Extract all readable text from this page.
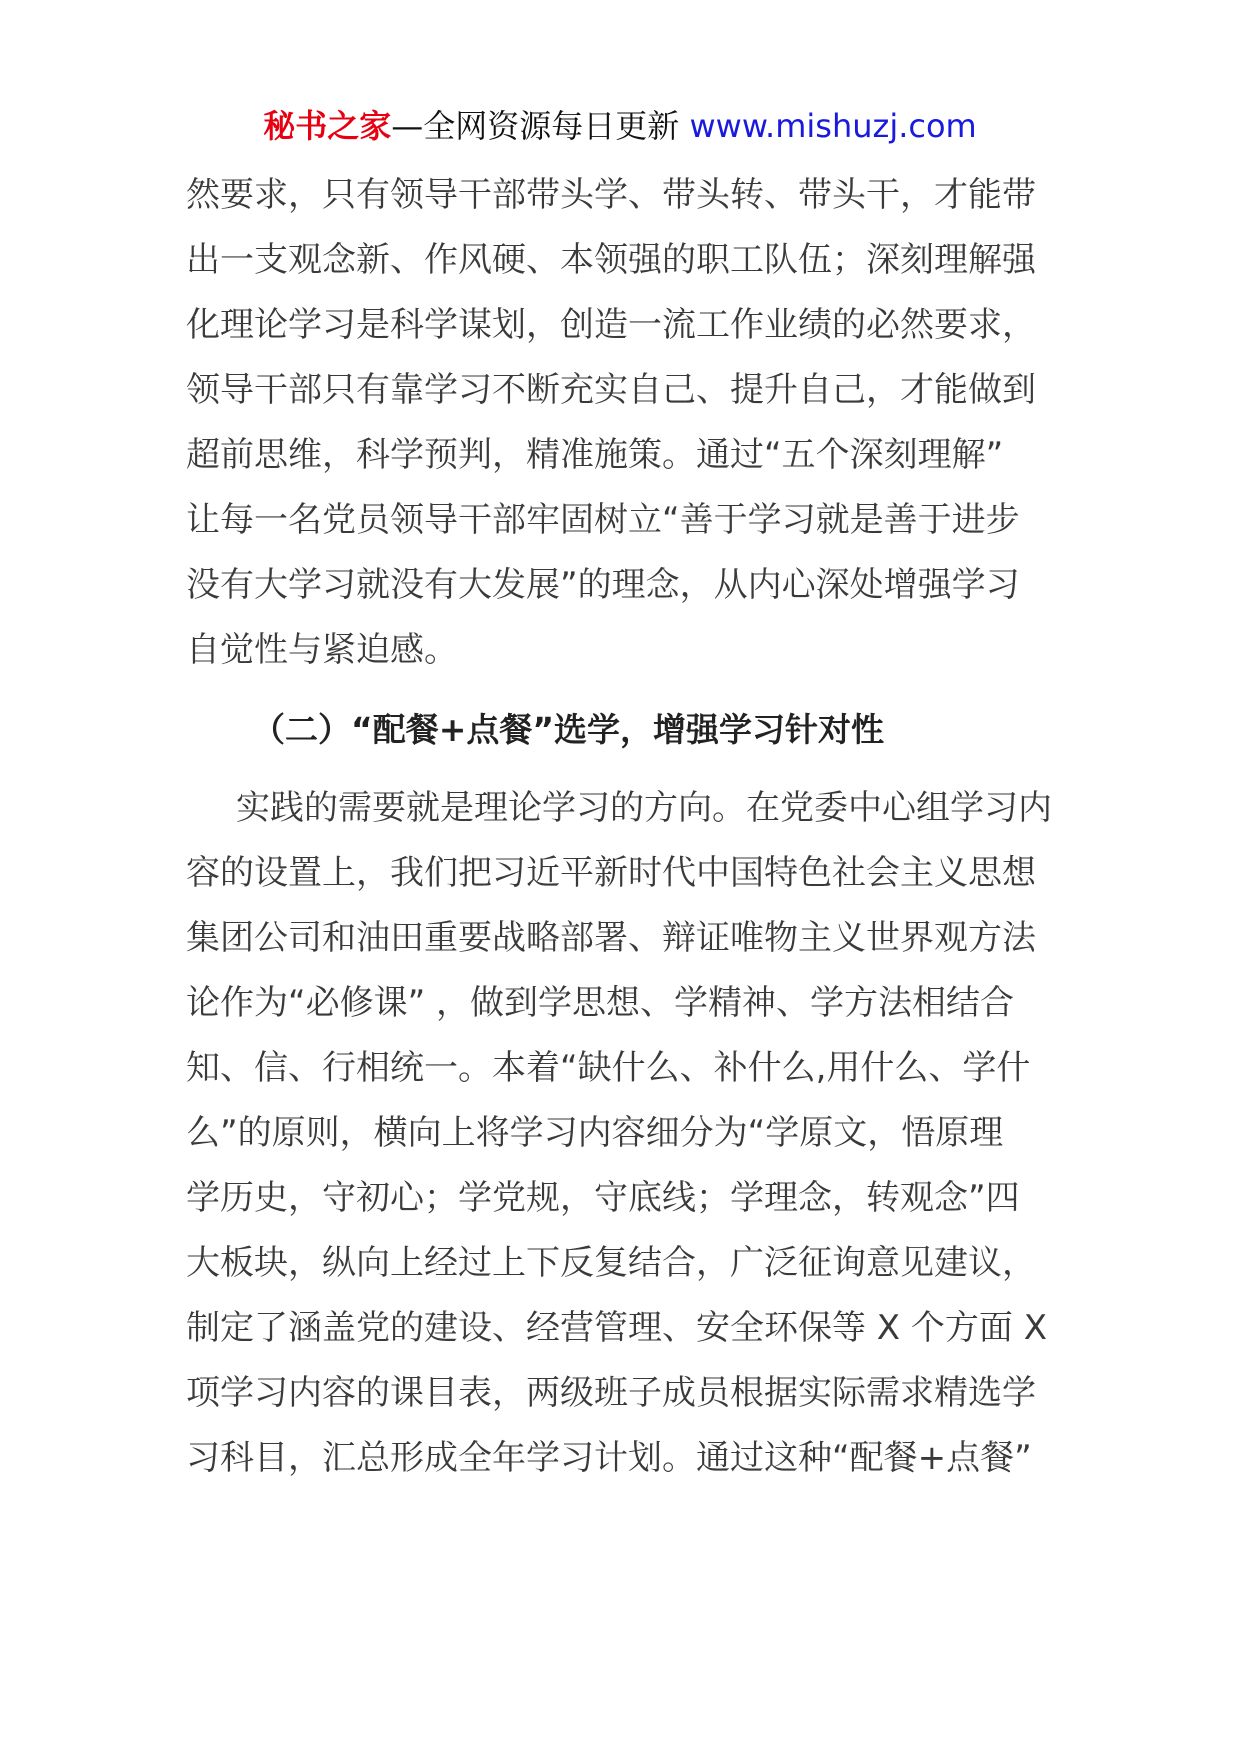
秘书之家—全网资源每日更新 www.mishuzj.com
然要求，只有领导干部带头学、带头转、带头干，才能带
出一支观念新、作风硬、本领强的职工队伍；深刻理解强
化理论学习是科学谋划，创造一流工作业绩的必然要求，
领导干部只有靠学习不断充实自己、提升自己，才能做到
超前思维，科学预判，精准施策。通过“五个深刻理解”
让每一名党员领导干部牢固树立“善于学习就是善于进步
没有大学习就没有大发展”的理念，从内心深处增强学习
自觉性与紧迫感。
（二）“配餐+点餐”选学，增强学习针对性
实践的需要就是理论学习的方向。在党委中心组学习内
容的设置上，我们把习近平新时代中国特色社会主义思想
集团公司和油田重要战略部署、辩证唯物主义世界观方法
论作为“必修课” ，做到学思想、学精神、学方法相结合
知、信、行相统一。本着“缺什么、补什么,用什么、学什
么”的原则，横向上将学习内容细分为“学原文，悟原理
学历史，守初心；学党规，守底线；学理念，转观念”四
大板块，纵向上经过上下反复结合，广泛征询意见建议，
制定了涵盖党的建设、经营管理、安全环保等 X 个方面 X
项学习内容的课目表，两级班子成员根据实际需求精选学
习科目，汇总形成全年学习计划。通过这种“配餐+点餐”
